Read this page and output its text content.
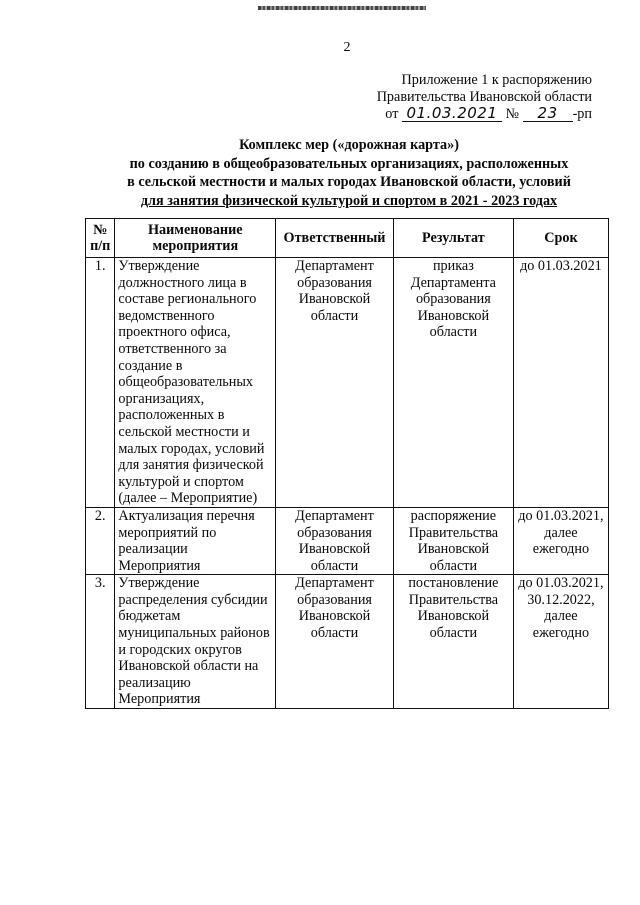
2
Приложение 1 к распоряжению
Правительства Ивановской области
от 01.03.2021 № 23 -рп
Комплекс мер («дорожная карта»)
по созданию в общеобразовательных организациях, расположенных
в сельской местности и малых городах Ивановской области, условий
для занятия физической культурой и спортом в 2021 - 2023 годах
№ п/п	Наименование мероприятия	Ответственный	Результат	Срок
1.	Утверждение должностного лица в составе регионального ведомственного проектного офиса, ответственного за создание в общеобразовательных организациях, расположенных в сельской местности и малых городах, условий для занятия физической культурой и спортом (далее – Мероприятие)	Департамент образования Ивановской области	приказ Департамента образования Ивановской области	до 01.03.2021
2.	Актуализация перечня мероприятий по реализации Мероприятия	Департамент образования Ивановской области	распоряжение Правительства Ивановской области	до 01.03.2021, далее ежегодно
3.	Утверждение распределения субсидии бюджетам муниципальных районов и городских округов Ивановской области на реализацию Мероприятия	Департамент образования Ивановской области	постановление Правительства Ивановской области	до 01.03.2021, 30.12.2022, далее ежегодно
